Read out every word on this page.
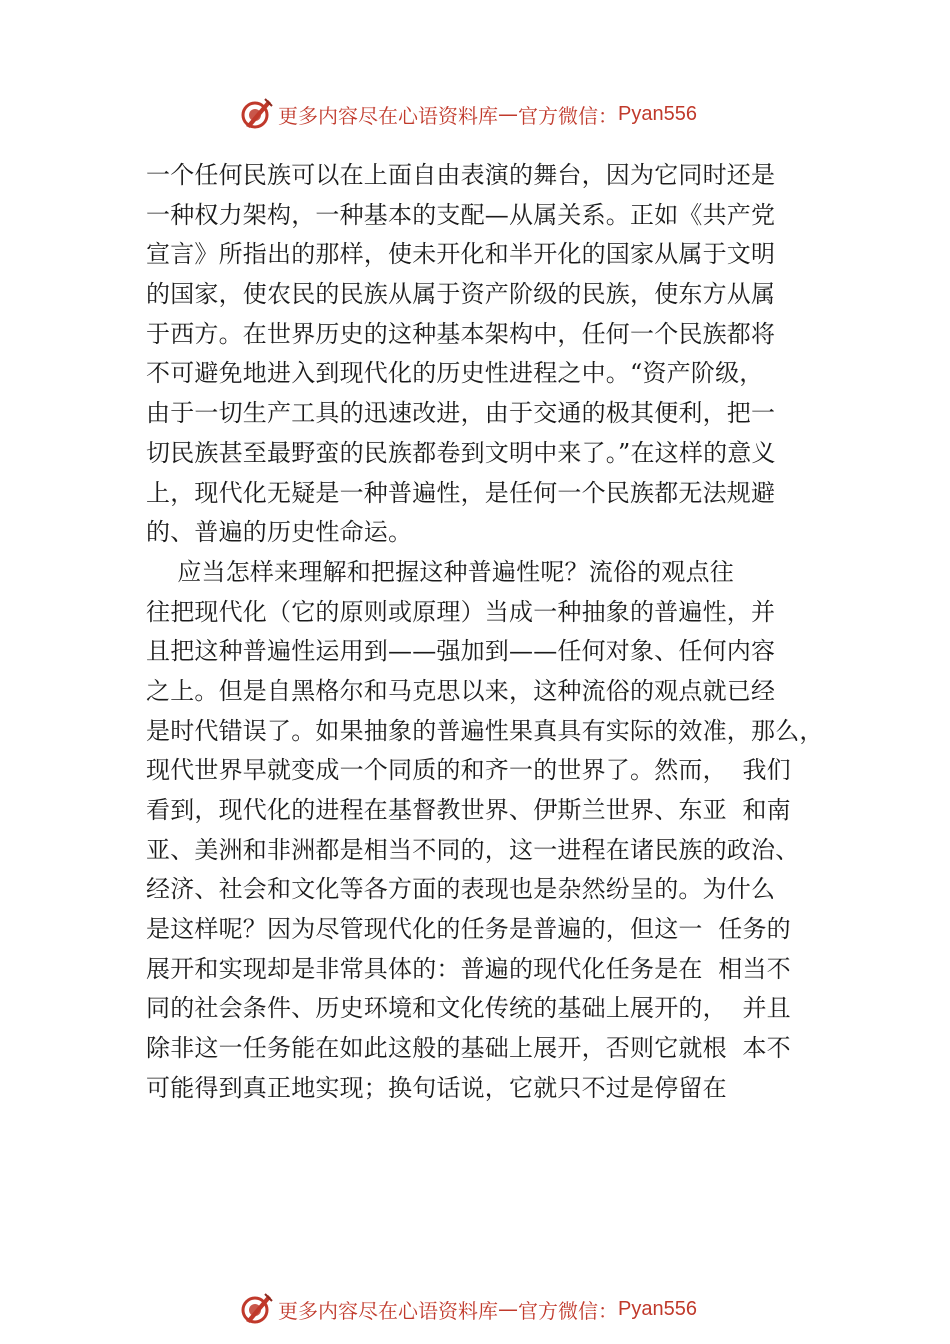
更多内容尽在心语资料库 — 官方微信： Pyan556
一个任何民族可以在上面自由表演的舞台，因为它同时还是
一种权力架构，一种基本的支配—从属关系。正如《共产党
宣言》所指出的那样，使未开化和半开化的国家从属于文明
的国家，使农民的民族从属于资产阶级的民族，使东方从属
于西方。在世界历史的这种基本架构中，任何一个民族都将
不可避免地进入到现代化的历史性进程之中。“资产阶级，
由于一切生产工具的迅速改进，由于交通的极其便利，把一
切民族甚至最野蛮的民族都卷到文明中来了。”在这样的意义
上，现代化无疑是一种普遍性，是任何一个民族都无法规避
的、普遍的历史性命运。
应当怎样来理解和把握这种普遍性呢？流俗的观点往
往把现代化（它的原则或原理）当成一种抽象的普遍性，并
且把这种普遍性运用到——强加到——任何对象、任何内容
之上。但是自黑格尔和马克思以来，这种流俗的观点就已经
是时代错误了。如果抽象的普遍性果真具有实际的效准，那么，
现代世界早就变成一个同质的和齐一的世界了。然而，  我们
看到，现代化的进程在基督教世界、伊斯兰世界、东亚  和南
亚、美洲和非洲都是相当不同的，这一进程在诸民族的政治、
经济、社会和文化等各方面的表现也是杂然纷呈的。为什么
是这样呢？因为尽管现代化的任务是普遍的，但这一  任务的
展开和实现却是非常具体的：普遍的现代化任务是在  相当不
同的社会条件、历史环境和文化传统的基础上展开的，  并且
除非这一任务能在如此这般的基础上展开，否则它就根  本不
可能得到真正地实现；换句话说，它就只不过是停留在
更多内容尽在心语资料库 — 官方微信： Pyan556
